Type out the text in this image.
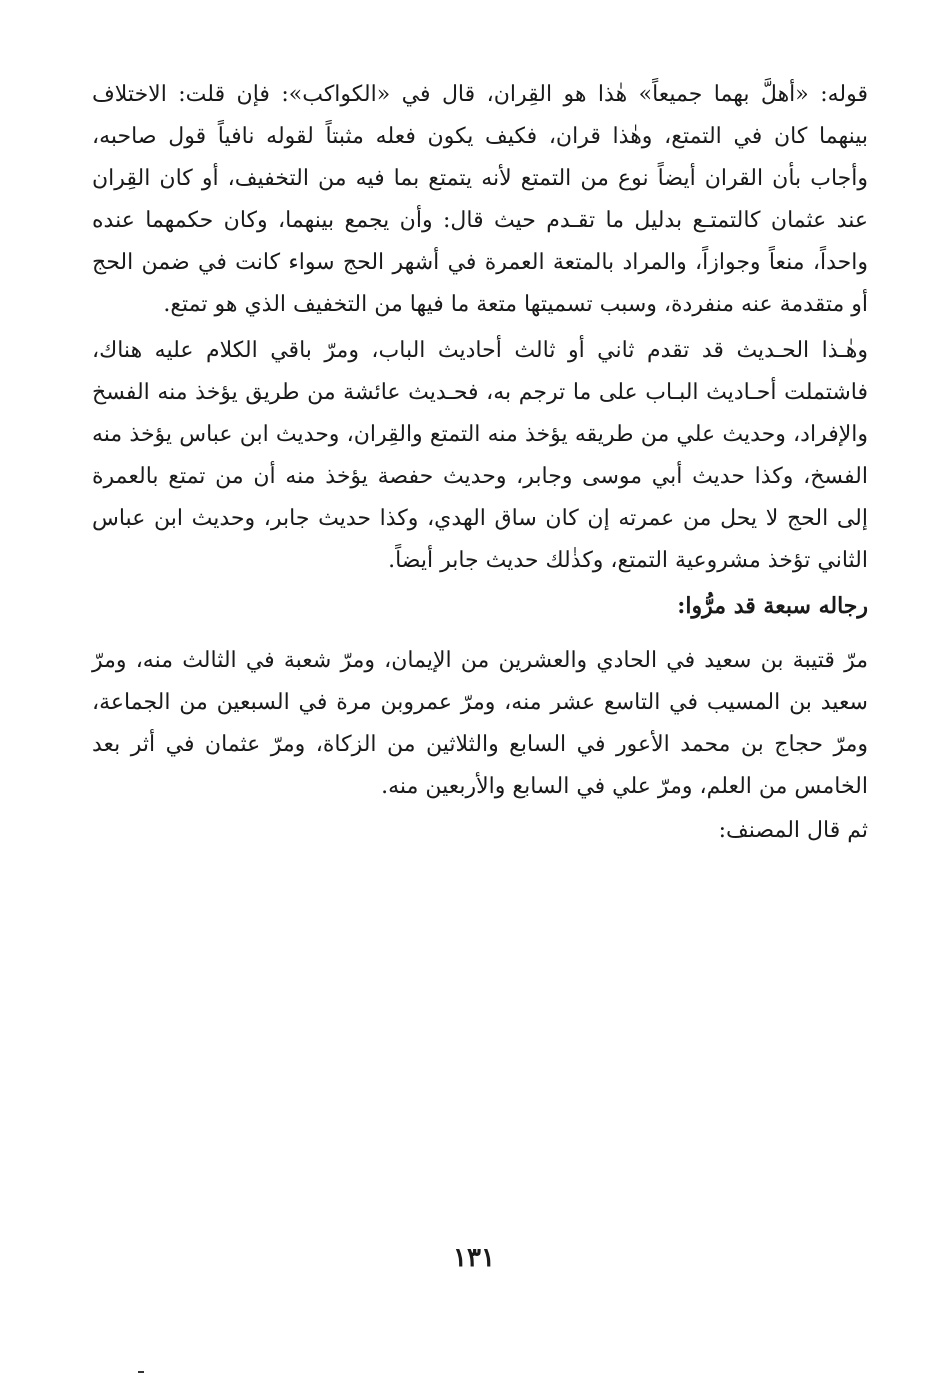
قوله: «أهلَّ بهما جميعاً» هٰذا هو القِران، قال في «الكواكب»: فإن قلت: الاختلاف بينهما كان في التمتع، وهٰذا قران، فكيف يكون فعله مثبتاً لقوله نافياً قول صاحبه، وأجاب بأن القران أيضاً نوع من التمتع لأنه يتمتع بما فيه من التخفيف، أو كان القِران عند عثمان كالتمتـع بدليل ما تقـدم حيث قال: وأن يجمع بينهما، وكان حكمهما عنده واحداً، منعاً وجوازاً، والمراد بالمتعة العمرة في أشهر الحج سواء كانت في ضمن الحج أو متقدمة عنه منفردة، وسبب تسميتها متعة ما فيها من التخفيف الذي هو تمتع.

وهٰـذا الحـديث قد تقدم ثاني أو ثالث أحاديث الباب، ومرّ باقي الكلام عليه هناك، فاشتملت أحـاديث البـاب على ما ترجم به، فحـديث عائشة من طريق يؤخذ منه الفسخ والإفراد، وحديث علي من طريقه يؤخذ منه التمتع والقِران، وحديث ابن عباس يؤخذ منه الفسخ، وكذا حديث أبي موسى وجابر، وحديث حفصة يؤخذ منه أن من تمتع بالعمرة إلى الحج لا يحل من عمرته إن كان ساق الهدي، وكذا حديث جابر، وحديث ابن عباس الثاني تؤخذ مشروعية التمتع، وكذٰلك حديث جابر أيضاً.

رجاله سبعة قد مرُّوا:

مرّ قتيبة بن سعيد في الحادي والعشرين من الإيمان، ومرّ شعبة في الثالث منه، ومرّ سعيد بن المسيب في التاسع عشر منه، ومرّ عمروبن مرة في السبعين من الجماعة، ومرّ حجاج بن محمد الأعور في السابع والثلاثين من الزكاة، ومرّ عثمان في أثر بعد الخامس من العلم، ومرّ علي في السابع والأربعين منه.

ثم قال المصنف:

١٣١
